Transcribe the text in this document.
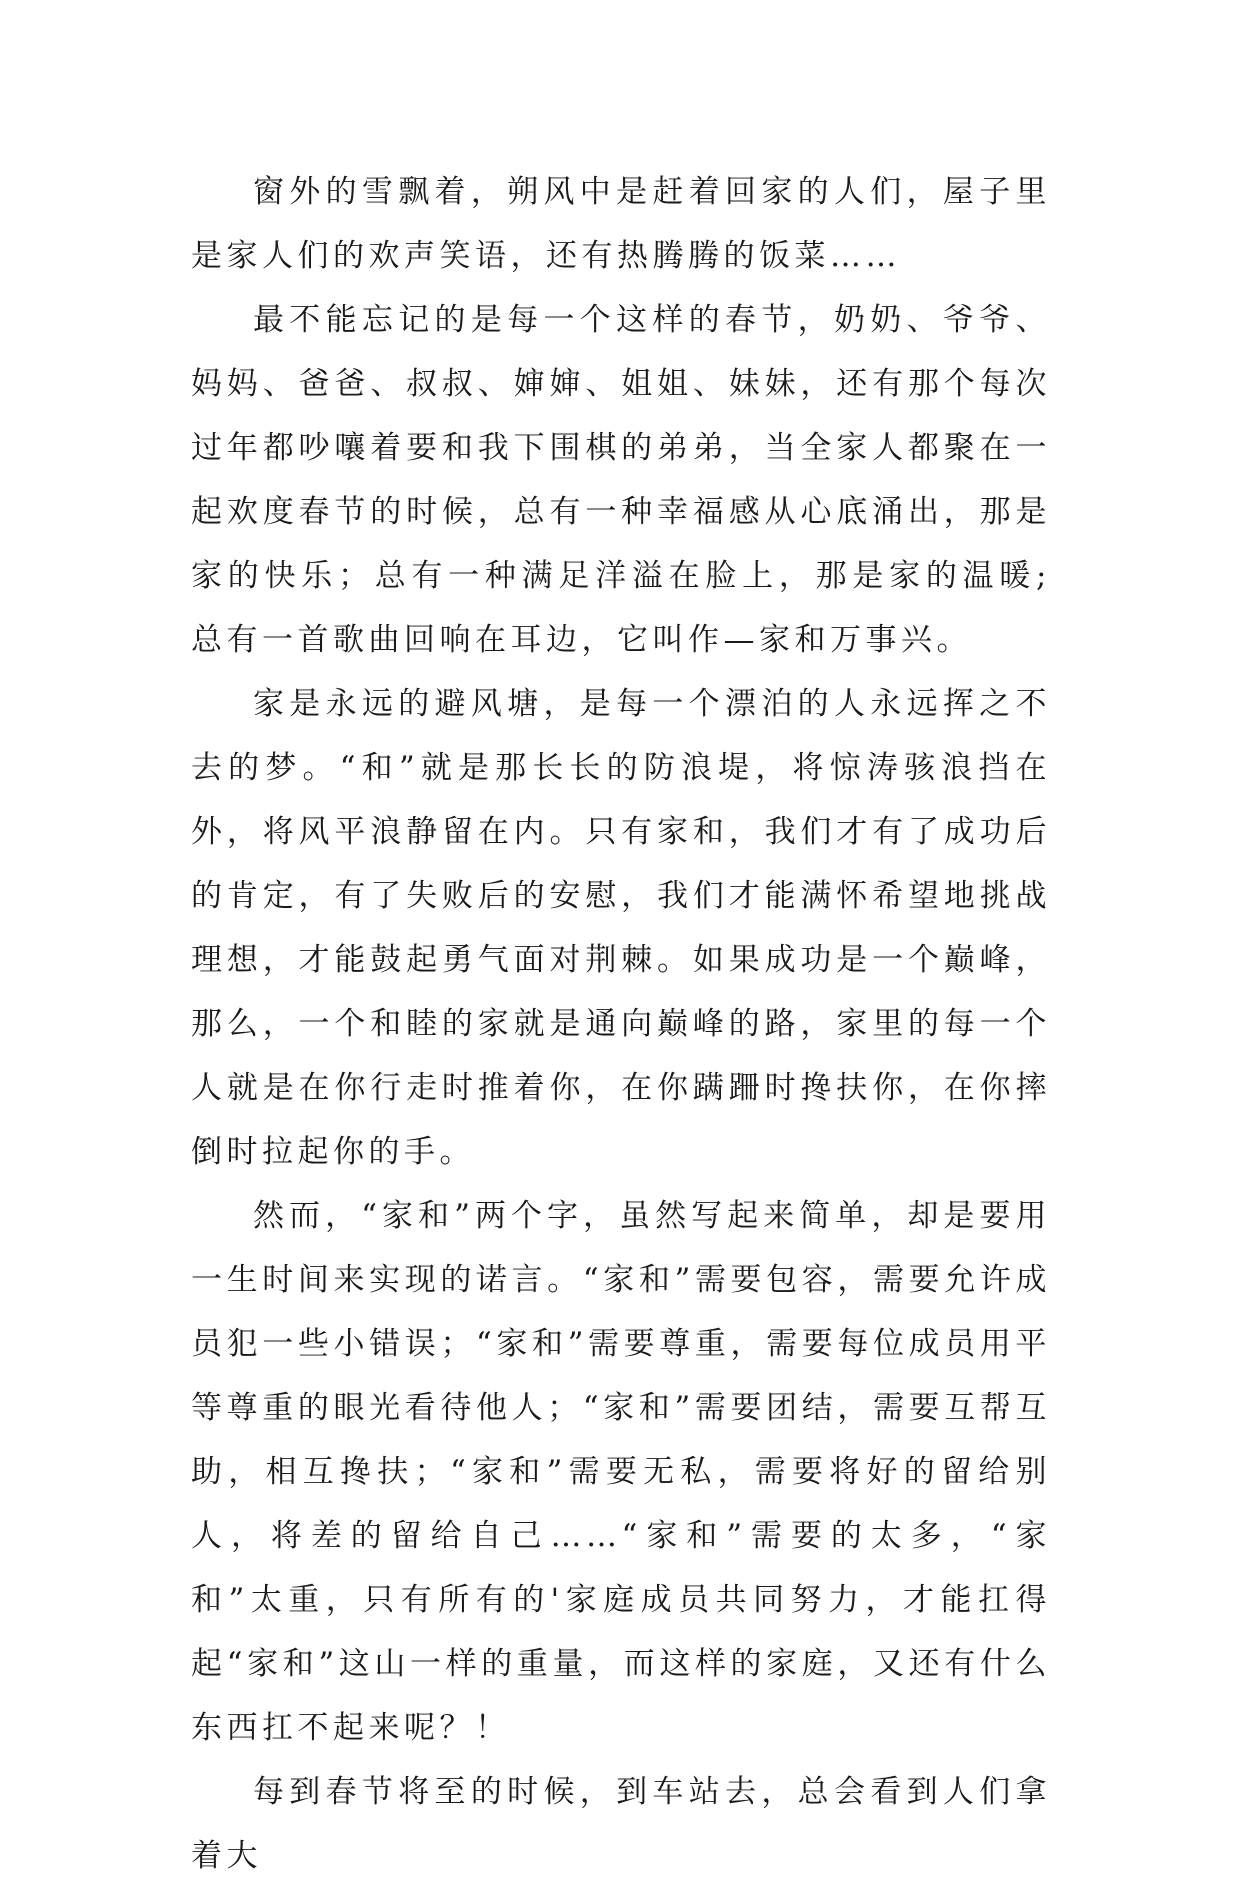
窗外的雪飘着，朔风中是赶着回家的人们，屋子里是家人们的欢声笑语，还有热腾腾的饭菜……

最不能忘记的是每一个这样的春节，奶奶、爷爷、妈妈、爸爸、叔叔、婶婶、姐姐、妹妹，还有那个每次过年都吵嚷着要和我下围棋的弟弟，当全家人都聚在一起欢度春节的时候，总有一种幸福感从心底涌出，那是家的快乐；总有一种满足洋溢在脸上，那是家的温暖;总有一首歌曲回响在耳边，它叫作—家和万事兴。

家是永远的避风塘，是每一个漂泊的人永远挥之不去的梦。“和”就是那长长的防浪堤，将惊涛骇浪挡在外，将风平浪静留在内。只有家和，我们才有了成功后的肯定，有了失败后的安慰，我们才能满怀希望地挑战理想，才能鼓起勇气面对荆棘。如果成功是一个巅峰，那么，一个和睦的家就是通向巅峰的路，家里的每一个人就是在你行走时推着你，在你蹒跚时搀扶你，在你摔倒时拉起你的手。

然而，“家和”两个字，虽然写起来简单，却是要用一生时间来实现的诺言。“家和”需要包容，需要允许成员犯一些小错误；“家和”需要尊重，需要每位成员用平等尊重的眼光看待他人；“家和”需要团结，需要互帮互助，相互搀扶；“家和”需要无私，需要将好的留给别人，将差的留给自己……“家和”需要的太多，“家和”太重，只有所有的'家庭成员共同努力，才能扛得起“家和”这山一样的重量，而这样的家庭，又还有什么东西扛不起来呢？！

每到春节将至的时候，到车站去，总会看到人们拿着大
